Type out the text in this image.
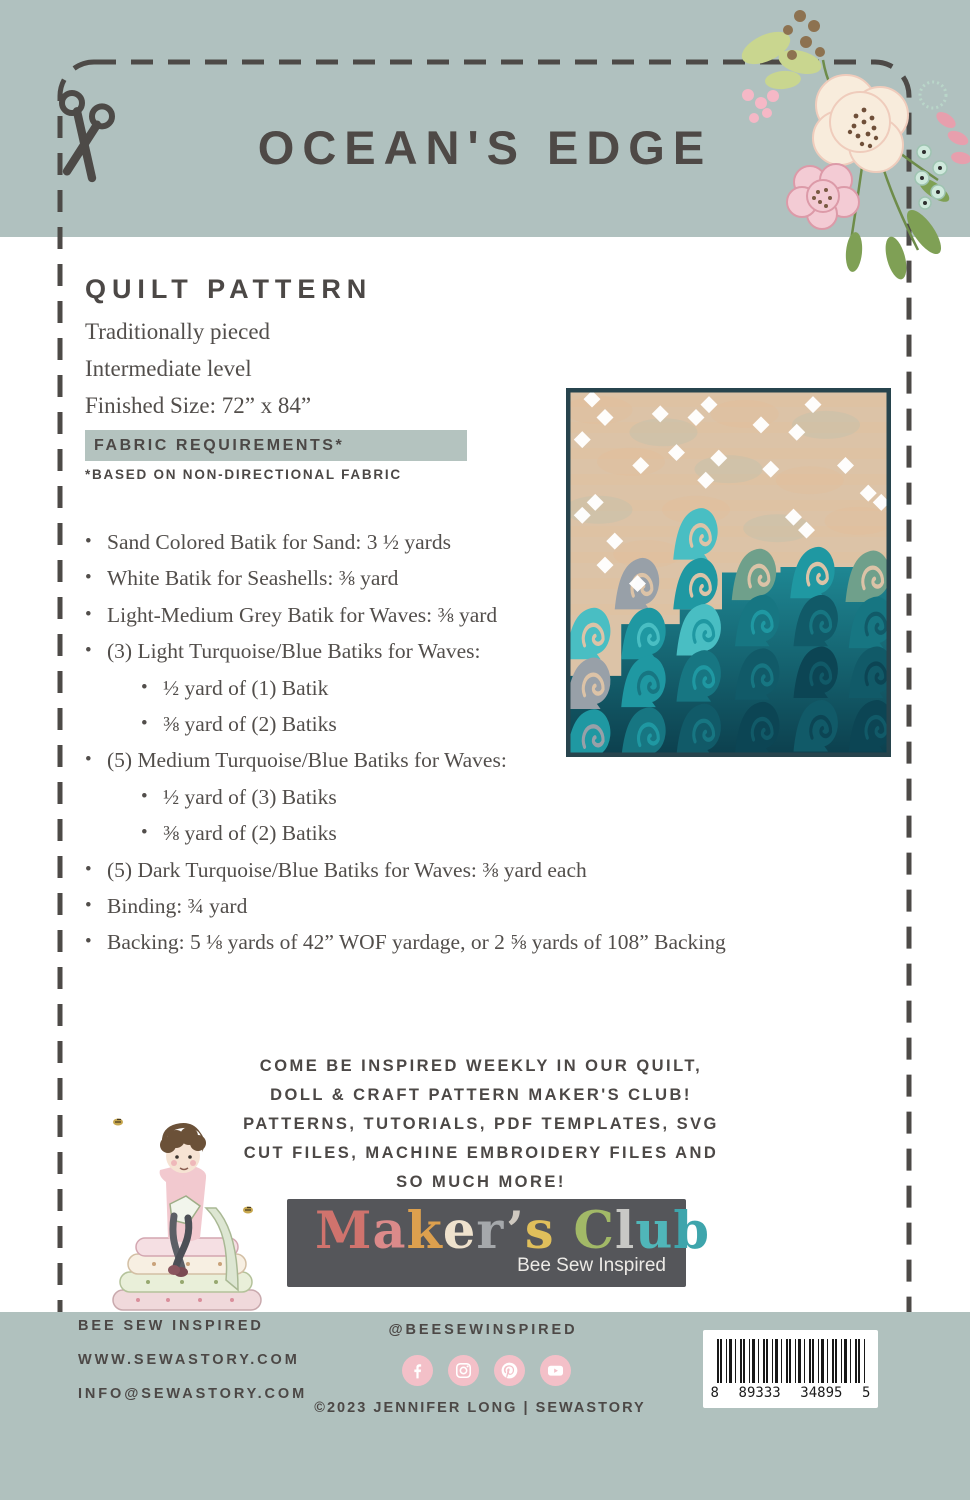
OCEAN'S EDGE
QUILT PATTERN
Traditionally pieced
Intermediate level
Finished Size: 72” x 84”
FABRIC REQUIREMENTS*
*BASED ON NON-DIRECTIONAL FABRIC
• Sand Colored Batik for Sand: 3 ½ yards
• White Batik for Seashells: ⅜ yard
• Light-Medium Grey Batik for Waves: ⅜ yard
• (3) Light Turquoise/Blue Batiks for Waves:
• ½ yard of (1) Batik
• ⅜ yard of (2) Batiks
• (5) Medium Turquoise/Blue Batiks for Waves:
• ½ yard of (3) Batiks
• ⅜ yard of (2) Batiks
• (5) Dark Turquoise/Blue Batiks for Waves: ⅜ yard each
• Binding: ¾ yard
• Backing: 5 ⅛ yards of 42” WOF yardage, or 2 ⅝ yards of 108” Backing
COME BE INSPIRED WEEKLY IN OUR QUILT,
DOLL & CRAFT PATTERN MAKER'S CLUB!
PATTERNS, TUTORIALS, PDF TEMPLATES, SVG
CUT FILES, MACHINE EMBROIDERY FILES AND
SO MUCH MORE!
Maker’s Club
Bee Sew Inspired
BEE SEW INSPIRED
WWW.SEWASTORY.COM
INFO@SEWASTORY.COM
@BEESEWINSPIRED
©2023 JENNIFER LONG | SEWASTORY
8 89333 34895 5
